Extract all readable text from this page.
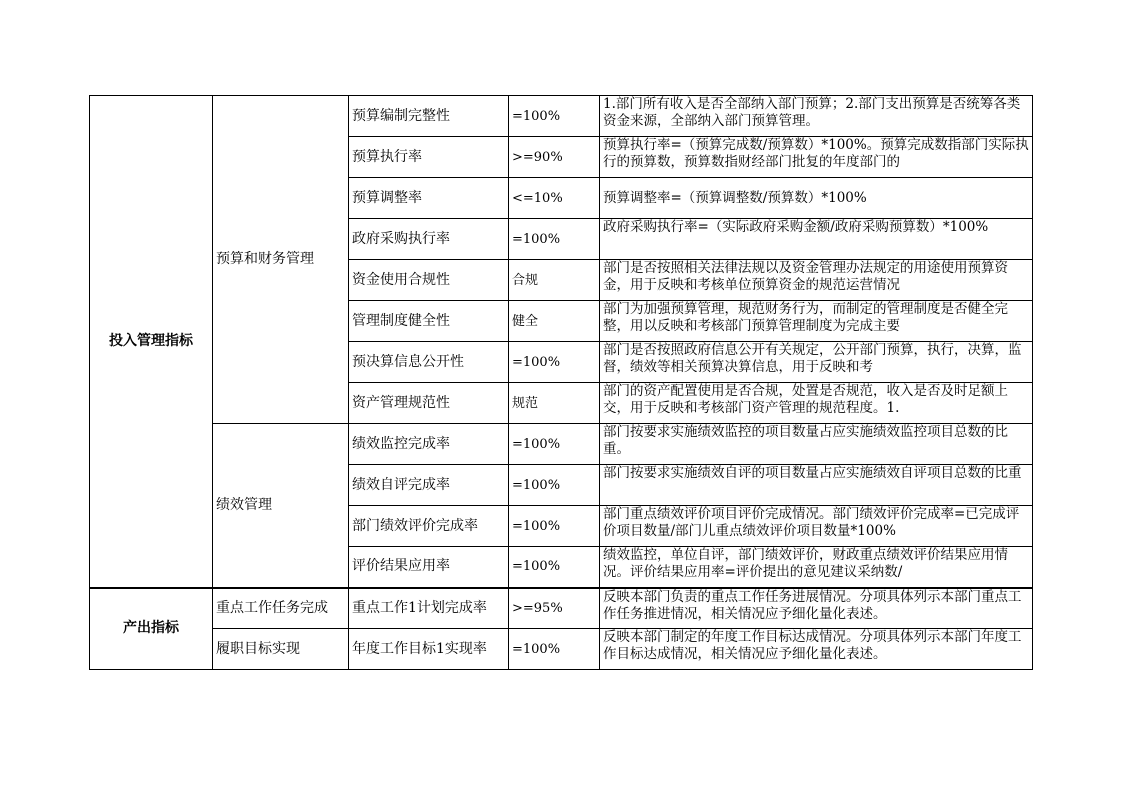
投入管理指标	预算和财务管理	预算编制完整性	=100%	1.部门所有收入是否全部纳入部门预算；2.部门支出预算是否统筹各类资金来源，全部纳入部门预算管理。

		预算执行率	>=90%	预算执行率=（预算完成数/预算数）*100%。预算完成数指部门实际执行的预算数，预算数指财经部门批复的年度部门的

		预算调整率	<=10%	预算调整率=（预算调整数/预算数）*100%

		政府采购执行率	=100%	政府采购执行率=（实际政府采购金额/政府采购预算数）*100%

		资金使用合规性	合规	部门是否按照相关法律法规以及资金管理办法规定的用途使用预算资金，用于反映和考核单位预算资金的规范运营情况

		管理制度健全性	健全	部门为加强预算管理，规范财务行为，而制定的管理制度是否健全完整，用以反映和考核部门预算管理制度为完成主要

		预决算信息公开性	=100%	部门是否按照政府信息公开有关规定，公开部门预算，执行，决算，监督，绩效等相关预算决算信息，用于反映和考

		资产管理规范性	规范	部门的资产配置使用是否合规，处置是否规范，收入是否及时足额上交，用于反映和考核部门资产管理的规范程度。1.

	绩效管理	绩效监控完成率	=100%	部门按要求实施绩效监控的项目数量占应实施绩效监控项目总数的比重。

		绩效自评完成率	=100%	部门按要求实施绩效自评的项目数量占应实施绩效自评项目总数的比重

		部门绩效评价完成率	=100%	部门重点绩效评价项目评价完成情况。部门绩效评价完成率=已完成评价项目数量/部门儿重点绩效评价项目数量*100%

		评价结果应用率	=100%	绩效监控，单位自评，部门绩效评价，财政重点绩效评价结果应用情况。评价结果应用率=评价提出的意见建议采纳数/

产出指标	重点工作任务完成	重点工作1计划完成率	>=95%	反映本部门负责的重点工作任务进展情况。分项具体列示本部门重点工作任务推进情况，相关情况应予细化量化表述。

	履职目标实现	年度工作目标1实现率	=100%	反映本部门制定的年度工作目标达成情况。分项具体列示本部门年度工作目标达成情况，相关情况应予细化量化表述。
